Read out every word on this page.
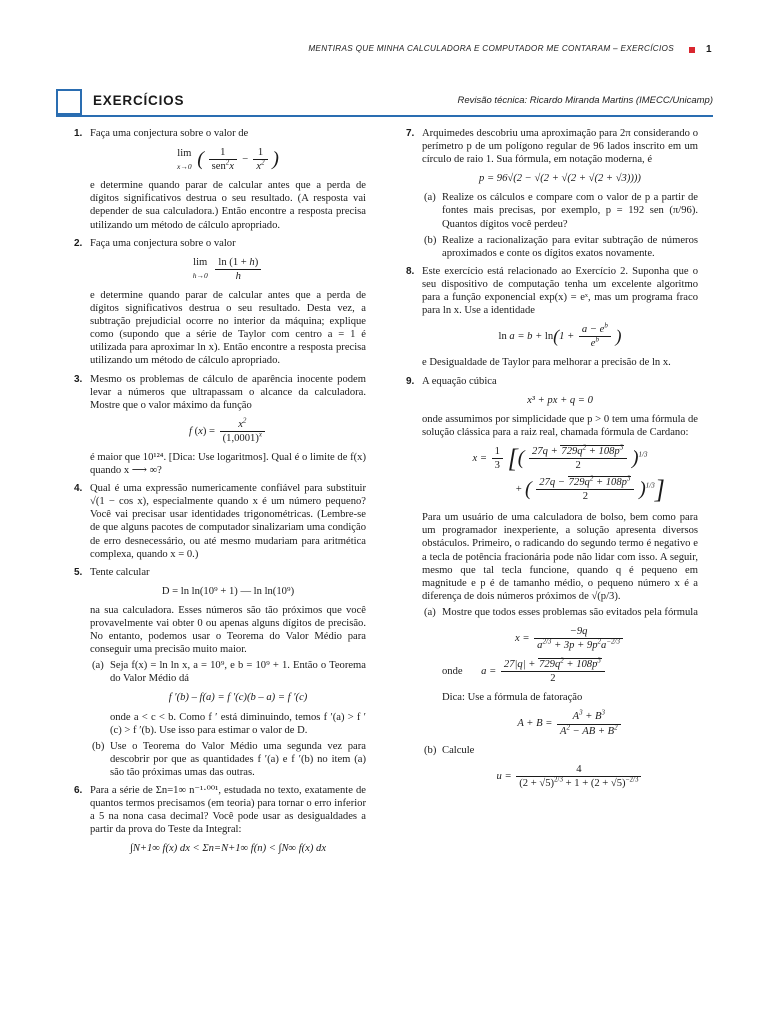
MENTIRAS QUE MINHA CALCULADORA E COMPUTADOR ME CONTARAM – EXERCÍCIOS	1
EXERCÍCIOS	Revisão técnica: Ricardo Miranda Martins (IMECC/Unicamp)
1. Faça uma conjectura sobre o valor de

lim
x→0 ( $\frac{1}{sen^2x} - \frac{1}{x^2}$ )

e determine quando parar de calcular antes que a perda de dígitos significativos destrua o seu resultado. (A resposta vai depender de sua calculadora.) Então encontre a resposta precisa utilizando um método de cálculo apropriado.

2. Faça uma conjectura sobre o valor

lim
h→0
$\frac{\ln (1 + h)}{h}$

e determine quando parar de calcular antes que a perda de dígitos significativos destrua o seu resultado. Desta vez, a subtração prejudicial ocorre no interior da máquina; explique como (supondo que a série de Taylor com centro a = 1 é utilizada para aproximar ln x). Então encontre a resposta precisa utilizando um método de cálculo apropriado.

3. Mesmo os problemas de cálculo de aparência inocente podem levar a números que ultrapassam o alcance da calculadora. Mostre que o valor máximo da função

f $(x) = \frac{x^2}{(1,0001)^x}$

é maior que 10¹²⁴. [Dica: Use logaritmos]. Qual é o limite de f(x) quando x ⟶ ∞?

4. Qual é uma expressão numericamente confiável para substituir √(1 − cos x), especialmente quando x é um número pequeno? Você vai precisar usar identidades trigonométricas. (Lembre-se de que alguns pacotes de computador sinalizariam uma condição de erro desnecessário, ou até mesmo mudariam para aritmética complexa, quando x = 0.)

5. Tente calcular

D = ln ln(10⁹ + 1) — ln ln(10⁹)

na sua calculadora. Esses números são tão próximos que você provavelmente vai obter 0 ou apenas alguns dígitos de precisão. No entanto, podemos usar o Teorema do Valor Médio para conseguir uma precisão muito maior.

(a) Seja f(x) = ln ln x, a = 10⁹, e b = 10⁹ + 1. Então o Teorema do Valor Médio dá

f ′(b) – f(a) = f ′(c)(b – a) = f ′(c)

onde a < c < b. Como f ′ está diminuindo, temos f ′(a) > f ′(c) > f ′(b). Use isso para estimar o valor de D.

(b) Use o Teorema do Valor Médio uma segunda vez para descobrir por que as quantidades f ′(a) e f ′(b) no item (a) são tão próximas umas das outras.

6. Para a série de Σn=1∞ n⁻¹·⁰⁰¹, estudada no texto, exatamente de quantos termos precisamos (em teoria) para tornar o erro inferior a 5 na nona casa decimal? Você pode usar as desigualdades a partir da prova do Teste da Integral:

∫N+1∞ f(x) dx < Σn=N+1∞ f(n) < ∫N∞ f(x) dx
7. Arquimedes descobriu uma aproximação para 2π considerando o perímetro p de um polígono regular de 96 lados inscrito em um círculo de raio 1. Sua fórmula, em notação moderna, é

p = 96√(2 − √(2 + √(2 + √(2 + √3))))
(a) Realize os cálculos e compare com o valor de p a partir de fontes mais precisas, por exemplo, p = 192 sen (π/96). Quantos dígitos você perdeu?

(b) Realize a racionalização para evitar subtração de números aproximados e conte os dígitos exatos novamente.

8. Este exercício está relacionado ao Exercício 2. Suponha que o seu dispositivo de computação tenha um excelente algoritmo para a função exponencial exp(x) = eˣ, mas um programa fraco para ln x. Use a identidade

$\ln a = b + \ln(1 + \frac{a - e^b}{e^b}$ )

e Desigualdade de Taylor para melhorar a precisão de ln x.

9. A equação cúbica

x³ + px + q = 0

onde assumimos por simplicidade que p > 0 tem uma fórmula de solução clássica para a raiz real, chamada fórmula de Cardano:

$x = \frac{1}{3}$ [( $\frac{27q + 729q^2 + 108p^3}{2} )^{1/3}$
+ ( $\frac{27q - 729q^2 + 108p^3}{2} )^{1/3}$]

Para um usuário de uma calculadora de bolso, bem como para um programador inexperiente, a solução apresenta diversos obstáculos. Primeiro, o radicando do segundo termo é negativo e a tecla de potência fracionária pode não lidar com isso. A seguir, mesmo que tal tecla funcione, quando q é pequeno em magnitude e p é de tamanho médio, o pequeno número x é a diferença de dois números próximos de √(p/3).

(a) Mostre que todos esses problemas são evitados pela fórmula

$x = \frac{-9q}{a^{2/3} + 3p + 9p^2a^{-2/3}}$
onde       $a = \frac{27|q| + 729q^2 + 108p^3}{2}$

Dica: Use a fórmula de fatoração

$A + B = \frac{A^3 + B^3}{A^2 - AB + B^2}$
(b) Calcule

$u = \frac{4}{(2 + √5)^{2/3} + 1 + (2 + √5)^{-2/3}}$
